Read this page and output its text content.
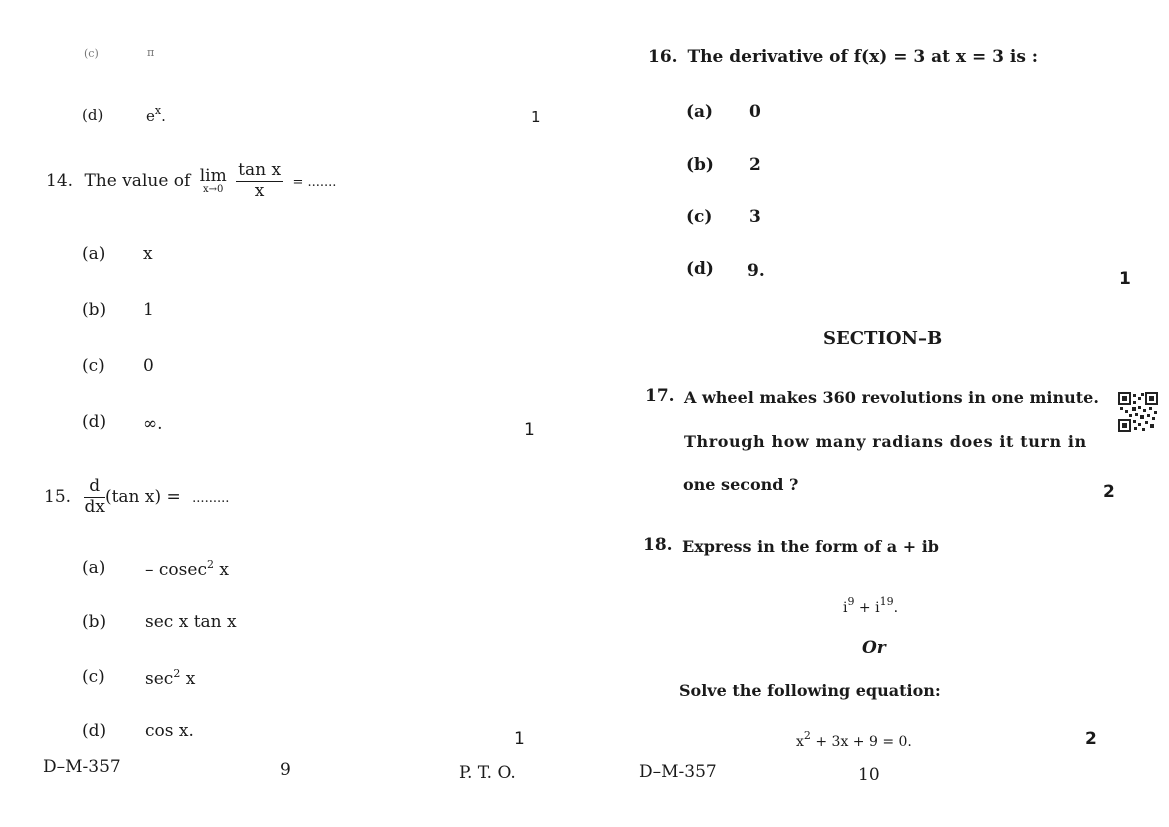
(c)	π
(d)	$e^x$.	1
14. The value of lim
x→0
$\frac{\text{tan x}}{x}$ = .......
(a) x
(b) 1
(c) 0
(d) ∞.	1
15. $\frac{d}{dx} (\tan$ x) = .........
(a) – cosec$^2$ x
(b) sec x tan x
(c) $\sec^2 x$
(d) cos x.	1
D–M-357	9	P. T. O.
16. The derivative of f(x) = 3 at x = 3 is :
(a) 0
(b) 2
(c) 3
(d) 9.	1
SECTION–B
17. A wheel makes 360 revolutions in one minute.
Through how many radians does it turn in
one second ?	2
18. Express in the form of a + ib
$i^9 + i^{19}$.
Or
Solve the following equation:
$x^2 + 3x + 9 = 0$.	2
D–M-357	10
